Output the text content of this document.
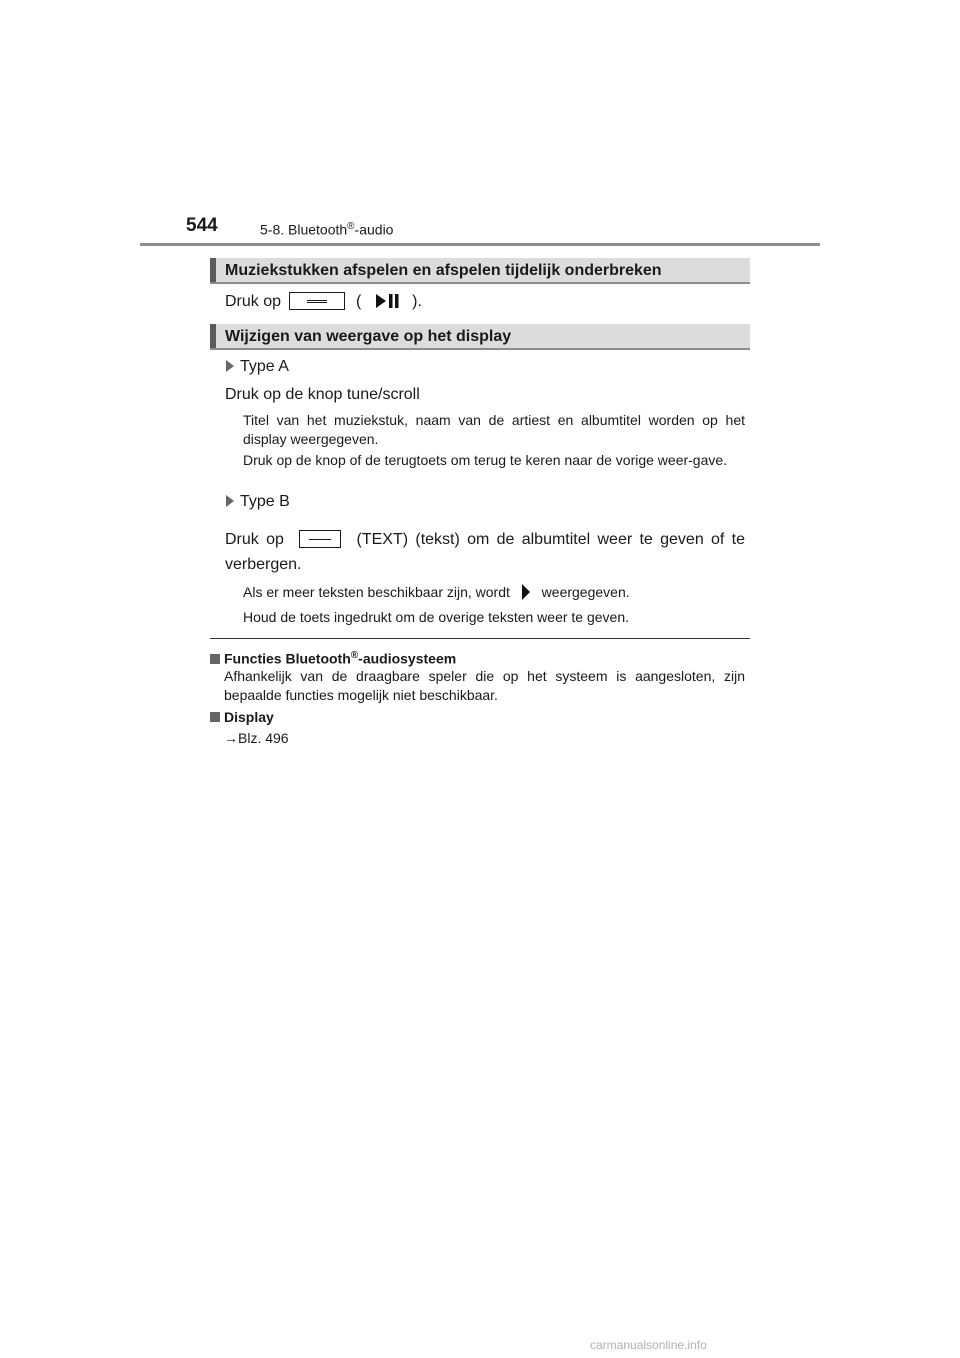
544	5-8. Bluetooth®-audio
Muziekstukken afspelen en afspelen tijdelijk onderbreken
Druk op	(	).
Wijzigen van weergave op het display
Type A
Druk op de knop tune/scroll
Titel van het muziekstuk, naam van de artiest en albumtitel worden op het display weergegeven.
Druk op de knop of de terugtoets om terug te keren naar de vorige weer-gave.
Type B
Druk op	(TEXT) (tekst) om de albumtitel weer te geven of te verbergen.
Als er meer teksten beschikbaar zijn, wordt weergegeven.
Houd de toets ingedrukt om de overige teksten weer te geven.
Functies Bluetooth®-audiosysteem
Afhankelijk van de draagbare speler die op het systeem is aangesloten, zijn bepaalde functies mogelijk niet beschikbaar.
Display
→Blz. 496
carmanualsonline.info
